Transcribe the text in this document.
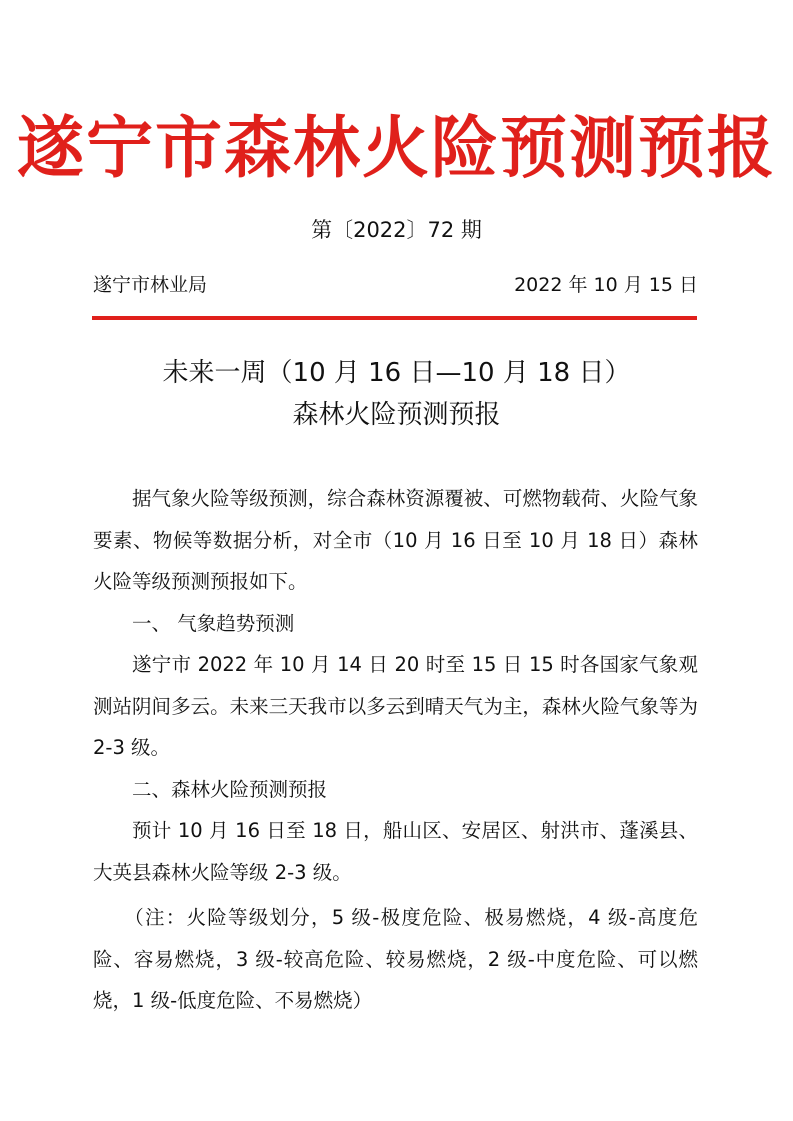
遂宁市森林火险预测预报
第〔2022〕72 期
遂宁市林业局	2022 年 10 月 15 日
未来一周（10 月 16 日—10 月 18 日）
森林火险预测预报

据气象火险等级预测，综合森林资源覆被、可燃物载荷、火险气象要素、物候等数据分析，对全市（10 月 16 日至 10 月 18 日）森林火险等级预测预报如下。

一、 气象趋势预测

遂宁市 2022 年 10 月 14 日 20 时至 15 日 15 时各国家气象观测站阴间多云。未来三天我市以多云到晴天气为主，森林火险气象等为 2-3 级。

二、森林火险预测预报

预计 10 月 16 日至 18 日，船山区、安居区、射洪市、蓬溪县、大英县森林火险等级 2-3 级。

（注：火险等级划分，5 级-极度危险、极易燃烧，4 级-高度危险、容易燃烧，3 级-较高危险、较易燃烧，2 级-中度危险、可以燃烧，1 级-低度危险、不易燃烧）
